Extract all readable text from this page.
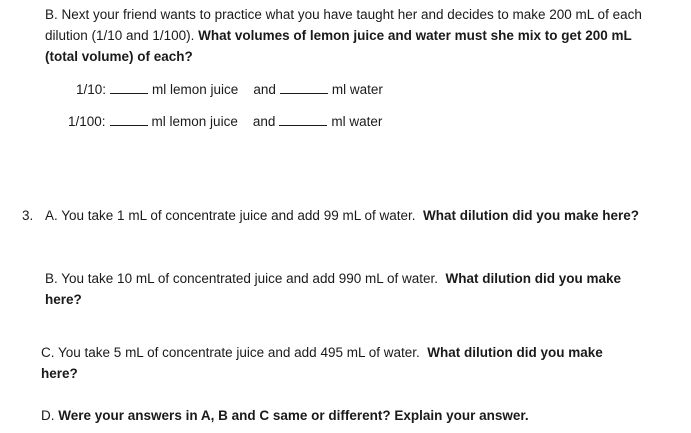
B. Next your friend wants to practice what you have taught her and decides to make 200 mL of each dilution (1/10 and 1/100). What volumes of lemon juice and water must she mix to get 200 mL (total volume) of each?
1/10:	ml lemon juice and	ml water
1/100:	ml lemon juice and	ml water
3. A. You take 1 mL of concentrate juice and add 99 mL of water. What dilution did you make here?
B. You take 10 mL of concentrated juice and add 990 mL of water. What dilution did you make here?
C. You take 5 mL of concentrate juice and add 495 mL of water. What dilution did you make here?
D. Were your answers in A, B and C same or different? Explain your answer.
